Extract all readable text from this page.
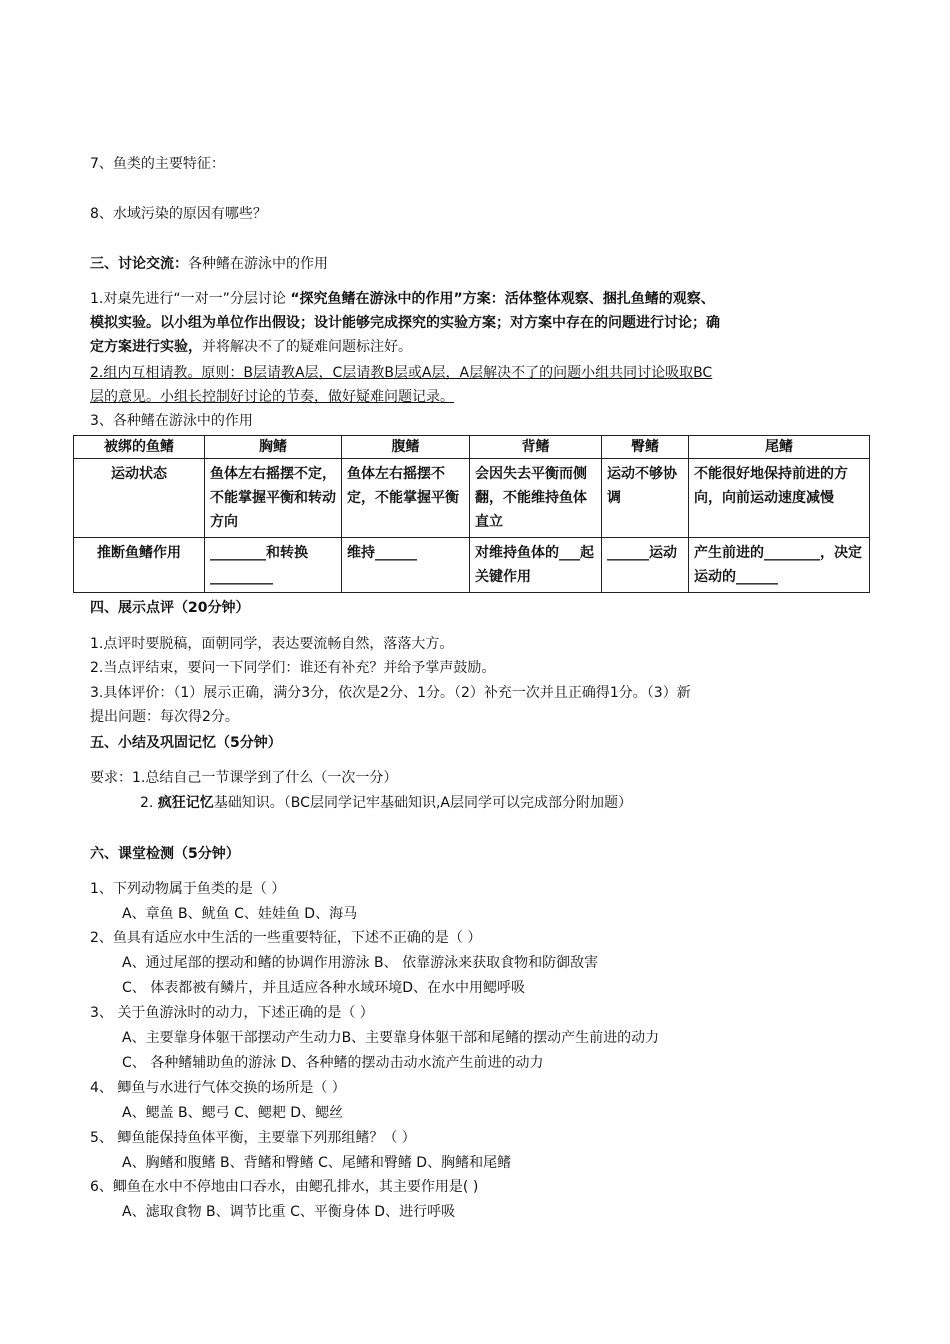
7、鱼类的主要特征：
8、水域污染的原因有哪些？
三、讨论交流：各种鳍在游泳中的作用
1.对桌先进行“一对一”分层讨论 “探究鱼鳍在游泳中的作用”方案：活体整体观察、捆扎鱼鳍的观察、
模拟实验。以小组为单位作出假设；设计能够完成探究的实验方案；对方案中存在的问题进行讨论；确
定方案进行实验，并将解决不了的疑难问题标注好。
2.组内互相请教。原则：B层请教A层，C层请教B层或A层，A层解决不了的问题小组共同讨论吸取BC
层的意见。小组长控制好讨论的节奏，做好疑难问题记录。
3、各种鳍在游泳中的作用
被绑的鱼鳍	胸鳍	腹鳍	背鳍	臀鳍	尾鳍
运动状态	鱼体左右摇摆不定，不能掌握平衡和转动方向	鱼体左右摇摆不定，不能掌握平衡	会因失去平衡而侧翻，不能维持鱼体直立	运动不够协调	不能很好地保持前进的方向，向前运动速度减慢
推断鱼鳍作用	________和转换_________	维持______	对维持鱼体的___起关键作用	______运动	产生前进的________，决定运动的______
四、展示点评（20分钟）
1.点评时要脱稿，面朝同学，表达要流畅自然，落落大方。
2.当点评结束，要问一下同学们：谁还有补充？并给予掌声鼓励。
3.具体评价：（1）展示正确，满分3分，依次是2分、1分。（2）补充一次并且正确得1分。（3）新
提出问题：每次得2分。
五、小结及巩固记忆（5分钟）
要求：1.总结自己一节课学到了什么（一次一分）
2. 疯狂记忆基础知识。（BC层同学记牢基础知识,A层同学可以完成部分附加题）
六、课堂检测（5分钟）
1、下列动物属于鱼类的是（ ）
A、章鱼 B、鱿鱼 C、娃娃鱼 D、海马
2、鱼具有适应水中生活的一些重要特征，下述不正确的是（ ）
A、通过尾部的摆动和鳍的协调作用游泳 B、 依靠游泳来获取食物和防御敌害
C、 体表都被有鳞片，并且适应各种水域环境D、在水中用鳃呼吸
3、 关于鱼游泳时的动力，下述正确的是（ ）
A、主要靠身体躯干部摆动产生动力B、主要靠身体躯干部和尾鳍的摆动产生前进的动力
C、 各种鳍辅助鱼的游泳 D、各种鳍的摆动击动水流产生前进的动力
4、 鲫鱼与水进行气体交换的场所是（ ）
A、鳃盖 B、鳃弓 C、鳃耙 D、鳃丝
5、 鲫鱼能保持鱼体平衡，主要靠下列那组鳍？（ ）
A、胸鳍和腹鳍 B、背鳍和臀鳍 C、尾鳍和臀鳍 D、胸鳍和尾鳍
6、鲫鱼在水中不停地由口吞水，由鳃孔排水，其主要作用是( )
A、滤取食物 B、调节比重 C、平衡身体 D、进行呼吸
